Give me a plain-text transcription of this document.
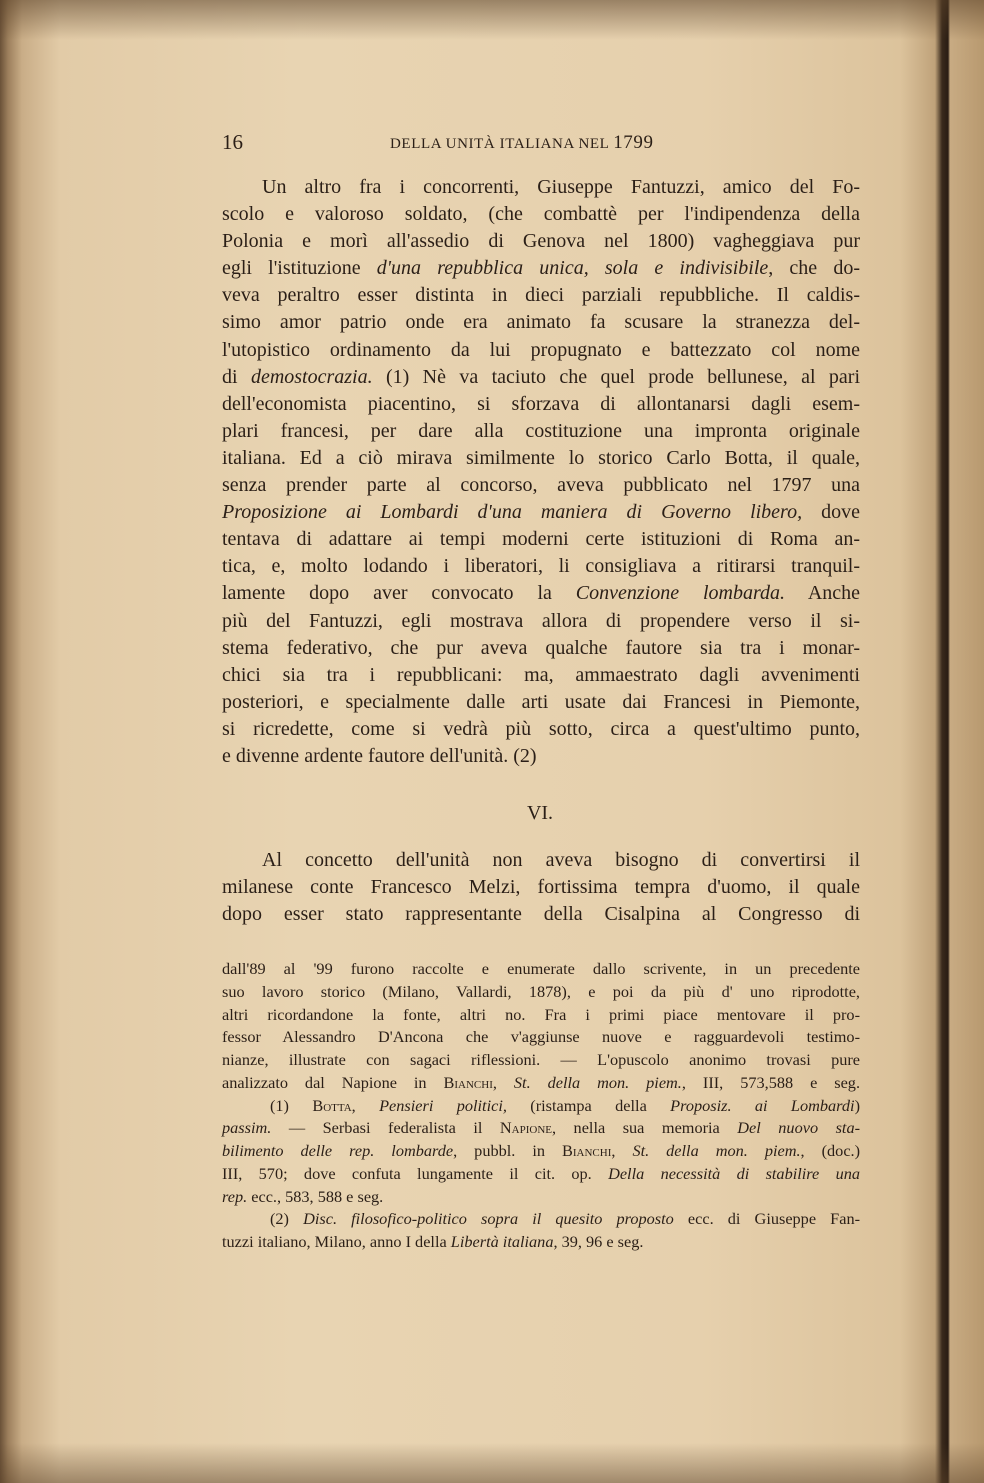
16	DELLA UNITÀ ITALIANA NEL 1799
Un altro fra i concorrenti, Giuseppe Fantuzzi, amico del Fo-
scolo e valoroso soldato, (che combattè per l'indipendenza della
Polonia e morì all'assedio di Genova nel 1800) vagheggiava pur
egli l'istituzione d'una repubblica unica, sola e indivisibile, che do-
veva peraltro esser distinta in dieci parziali repubbliche. Il caldis-
simo amor patrio onde era animato fa scusare la stranezza del-
l'utopistico ordinamento da lui propugnato e battezzato col nome
di demostocrazia. (1) Nè va taciuto che quel prode bellunese, al pari
dell'economista piacentino, si sforzava di allontanarsi dagli esem-
plari francesi, per dare alla costituzione una impronta originale
italiana. Ed a ciò mirava similmente lo storico Carlo Botta, il quale,
senza prender parte al concorso, aveva pubblicato nel 1797 una
Proposizione ai Lombardi d'una maniera di Governo libero, dove
tentava di adattare ai tempi moderni certe istituzioni di Roma an-
tica, e, molto lodando i liberatori, li consigliava a ritirarsi tranquil-
lamente dopo aver convocato la Convenzione lombarda. Anche
più del Fantuzzi, egli mostrava allora di propendere verso il si-
stema federativo, che pur aveva qualche fautore sia tra i monar-
chici sia tra i repubblicani: ma, ammaestrato dagli avvenimenti
posteriori, e specialmente dalle arti usate dai Francesi in Piemonte,
si ricredette, come si vedrà più sotto, circa a quest'ultimo punto,
e divenne ardente fautore dell'unità. (2)
VI.
Al concetto dell'unità non aveva bisogno di convertirsi il
milanese conte Francesco Melzi, fortissima tempra d'uomo, il quale
dopo esser stato rappresentante della Cisalpina al Congresso di
dall'89 al '99 furono raccolte e enumerate dallo scrivente, in un precedente
suo lavoro storico (Milano, Vallardi, 1878), e poi da più d' uno riprodotte,
altri ricordandone la fonte, altri no. Fra i primi piace mentovare il pro-
fessor Alessandro D'Ancona che v'aggiunse nuove e ragguardevoli testimo-
nianze, illustrate con sagaci riflessioni. — L'opuscolo anonimo trovasi pure
analizzato dal Napione in Bianchi, St. della mon. piem., III, 573,588 e seg.
(1) Botta, Pensieri politici, (ristampa della Proposiz. ai Lombardi)
passim. — Serbasi federalista il Napione, nella sua memoria Del nuovo sta-
bilimento delle rep. lombarde, pubbl. in Bianchi, St. della mon. piem., (doc.)
III, 570; dove confuta lungamente il cit. op. Della necessità di stabilire una
rep. ecc., 583, 588 e seg.
(2) Disc. filosofico-politico sopra il quesito proposto ecc. di Giuseppe Fan-
tuzzi italiano, Milano, anno I della Libertà italiana, 39, 96 e seg.
